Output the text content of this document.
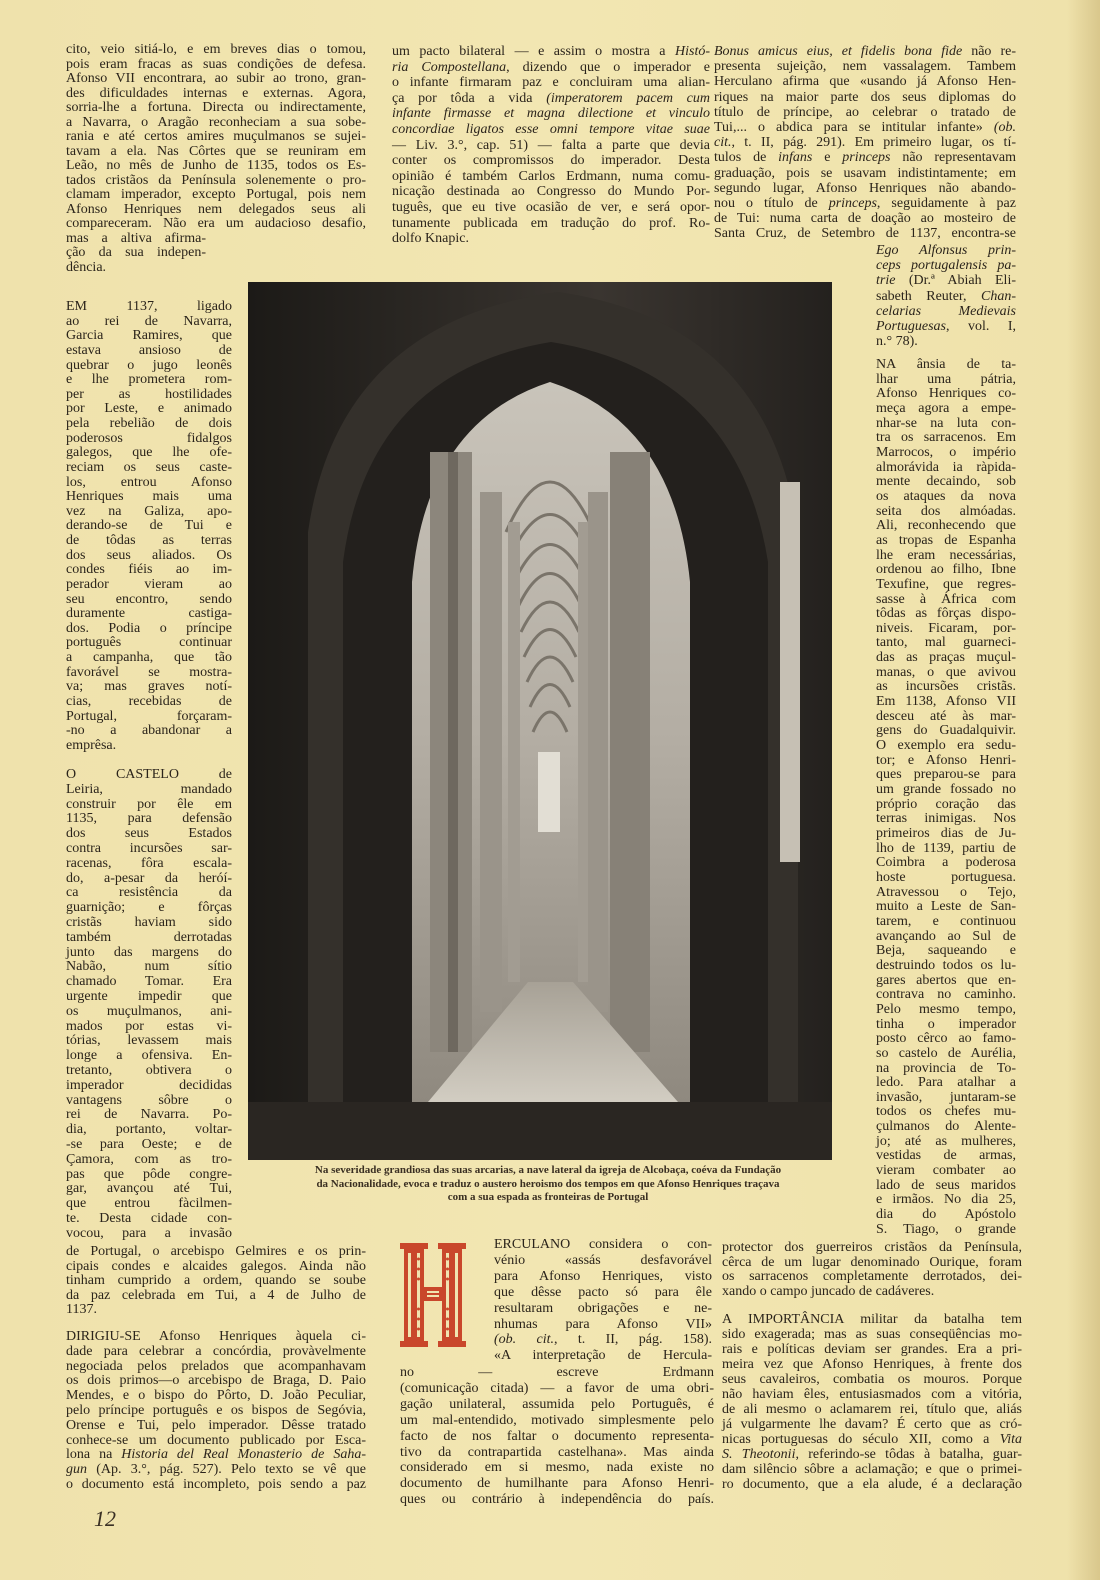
cito, veio sitiá-lo, e em breves dias o tomou,
pois eram fracas as suas condições de defesa.
Afonso VII encontrara, ao subir ao trono, gran-
des dificuldades internas e externas. Agora,
sorria-lhe a fortuna. Directa ou indirectamente,
a Navarra, o Aragão reconheciam a sua sobe-
rania e até certos amires muçulmanos se sujei-
tavam a ela. Nas Côrtes que se reuniram em
Leão, no mês de Junho de 1135, todos os Es-
tados cristãos da Península solenemente o pro-
clamam imperador, excepto Portugal, pois nem
Afonso Henriques nem delegados seus ali
compareceram. Não era um audacioso desafio,
mas a altiva afirma-
ção da sua indepen-
dência.
EM 1137, ligado
ao rei de Navarra,
Garcia Ramires, que
estava ansioso de
quebrar o jugo leonês
e lhe prometera rom-
per as hostilidades
por Leste, e animado
pela rebelião de dois
poderosos fidalgos
galegos, que lhe ofe-
reciam os seus caste-
los, entrou Afonso
Henriques mais uma
vez na Galiza, apo-
derando-se de Tui e
de tôdas as terras
dos seus aliados. Os
condes fiéis ao im-
perador vieram ao
seu encontro, sendo
duramente castiga-
dos. Podia o príncipe
português continuar
a campanha, que tão
favorável se mostra-
va; mas graves notí-
cias, recebidas de
Portugal, forçaram-
-no a abandonar a
emprêsa.
O CASTELO de
Leiria, mandado
construir por êle em
1135, para defensão
dos seus Estados
contra incursões sar-
racenas, fôra escala-
do, a-pesar da heróí-
ca resistência da
guarnição; e fôrças
cristãs haviam sido
também derrotadas
junto das margens do
Nabão, num sítio
chamado Tomar. Era
urgente impedir que
os muçulmanos, ani-
mados por estas vi-
tórias, levassem mais
longe a ofensiva. En-
tretanto, obtivera o
imperador decididas
vantagens sôbre o
rei de Navarra. Po-
dia, portanto, voltar-
-se para Oeste; e de
Çamora, com as tro-
pas que pôde congre-
gar, avançou até Tui,
que entrou fàcilmen-
te. Desta cidade con-
vocou, para a invasão
de Portugal, o arcebispo Gelmires e os prin-
cipais condes e alcaides galegos. Ainda não
tinham cumprido a ordem, quando se soube
da paz celebrada em Tui, a 4 de Julho de
1137.
DIRIGIU-SE Afonso Henriques àquela ci-
dade para celebrar a concórdia, provàvelmente
negociada pelos prelados que acompanhavam
os dois primos—o arcebispo de Braga, D. Paio
Mendes, e o bispo do Pôrto, D. João Peculiar,
pelo príncipe português e os bispos de Segóvia,
Orense e Tui, pelo imperador. Dêsse tratado
conhece-se um documento publicado por Esca-
lona na Historia del Real Monasterio de Saha-
gun (Ap. 3.°, pág. 527). Pelo texto se vê que
o documento está incompleto, pois sendo a paz
um pacto bilateral — e assim o mostra a Histó-
ria Compostellana, dizendo que o imperador e
o infante firmaram paz e concluiram uma alian-
ça por tôda a vida (imperatorem pacem cum
infante firmasse et magna dilectione et vinculo
concordiae ligatos esse omni tempore vitae suae
— Liv. 3.°, cap. 51) — falta a parte que devia
conter os compromissos do imperador. Desta
opinião é também Carlos Erdmann, numa comu-
nicação destinada ao Congresso do Mundo Por-
tuguês, que eu tive ocasião de ver, e será opor-
tunamente publicada em tradução do prof. Ro-
dolfo Knapic.
Bonus amicus eius, et fidelis bona fide não re-
presenta sujeição, nem vassalagem. Tambem
Herculano afirma que «usando já Afonso Hen-
riques na maior parte dos seus diplomas do
título de príncipe, ao celebrar o tratado de
Tui,... o abdica para se intitular infante» (ob.
cit., t. II, pág. 291). Em primeiro lugar, os tí-
tulos de infans e princeps não representavam
graduação, pois se usavam indistintamente; em
segundo lugar, Afonso Henriques não abando-
nou o título de princeps, seguidamente à paz
de Tui: numa carta de doação ao mosteiro de
Santa Cruz, de Setembro de 1137, encontra-se
Ego Alfonsus prin-
ceps portugalensis pa-
trie (Dr.ª Abiah Eli-
sabeth Reuter, Chan-
celarias Medievais
Portuguesas, vol. I,
n.° 78).
NA ânsia de ta-
lhar uma pátria,
Afonso Henriques co-
meça agora a empe-
nhar-se na luta con-
tra os sarracenos. Em
Marrocos, o império
almorávida ia ràpida-
mente decaindo, sob
os ataques da nova
seita dos almóadas.
Ali, reconhecendo que
as tropas de Espanha
lhe eram necessárias,
ordenou ao filho, Ibne
Texufine, que regres-
sasse à África com
tôdas as fôrças dispo-
niveis. Ficaram, por-
tanto, mal guarneci-
das as praças muçul-
manas, o que avivou
as incursões cristãs.
Em 1138, Afonso VII
desceu até às mar-
gens do Guadalquivir.
O exemplo era sedu-
tor; e Afonso Henri-
ques preparou-se para
um grande fossado no
próprio coração das
terras inimigas. Nos
primeiros dias de Ju-
lho de 1139, partiu de
Coimbra a poderosa
hoste portuguesa.
Atravessou o Tejo,
muito a Leste de San-
tarem, e continuou
avançando ao Sul de
Beja, saqueando e
destruindo todos os lu-
gares abertos que en-
contrava no caminho.
Pelo mesmo tempo,
tinha o imperador
posto cêrco ao famo-
so castelo de Aurélia,
na provincia de To-
ledo. Para atalhar a
invasão, juntaram-se
todos os chefes mu-
çulmanos do Alente-
jo; até as mulheres,
vestidas de armas,
vieram combater ao
lado de seus maridos
e irmãos. No dia 25,
dia do Apóstolo
S. Tiago, o grande
protector dos guerreiros cristãos da Península,
cêrca de um lugar denominado Ourique, foram
os sarracenos completamente derrotados, dei-
xando o campo juncado de cadáveres.
A IMPORTÂNCIA militar da batalha tem
sido exagerada; mas as suas conseqüências mo-
rais e políticas deviam ser grandes. Era a pri-
meira vez que Afonso Henriques, à frente dos
seus cavaleiros, combatia os mouros. Porque
não haviam êles, entusiasmados com a vitória,
de ali mesmo o aclamarem rei, título que, aliás
já vulgarmente lhe davam? É certo que as cró-
nicas portuguesas do século XII, como a Vita
S. Theotonii, referindo-se tôdas à batalha, guar-
dam silêncio sôbre a aclamação; e que o primei-
ro documento, que a ela alude, é a declaração
ERCULANO considera o con-
vénio «assás desfavorável
para Afonso Henriques, visto
que dêsse pacto só para êle
resultaram obrigações e ne-
nhumas para Afonso VII»
(ob. cit., t. II, pág. 158).
«A interpretação de Hercula-
no — escreve Erdmann
(comunicação citada) — a favor de uma obri-
gação unilateral, assumida pelo Português, é
um mal-entendido, motivado simplesmente pelo
facto de nos faltar o documento representa-
tivo da contrapartida castelhana». Mas ainda
considerado em si mesmo, nada existe no
documento de humilhante para Afonso Henri-
ques ou contrário à independência do país.
Na severidade grandiosa das suas arcarias, a nave lateral da igreja de Alcobaça, coéva da Fundação
da Nacionalidade, evoca e traduz o austero heroismo dos tempos em que Afonso Henriques traçava
com a sua espada as fronteiras de Portugal
12
